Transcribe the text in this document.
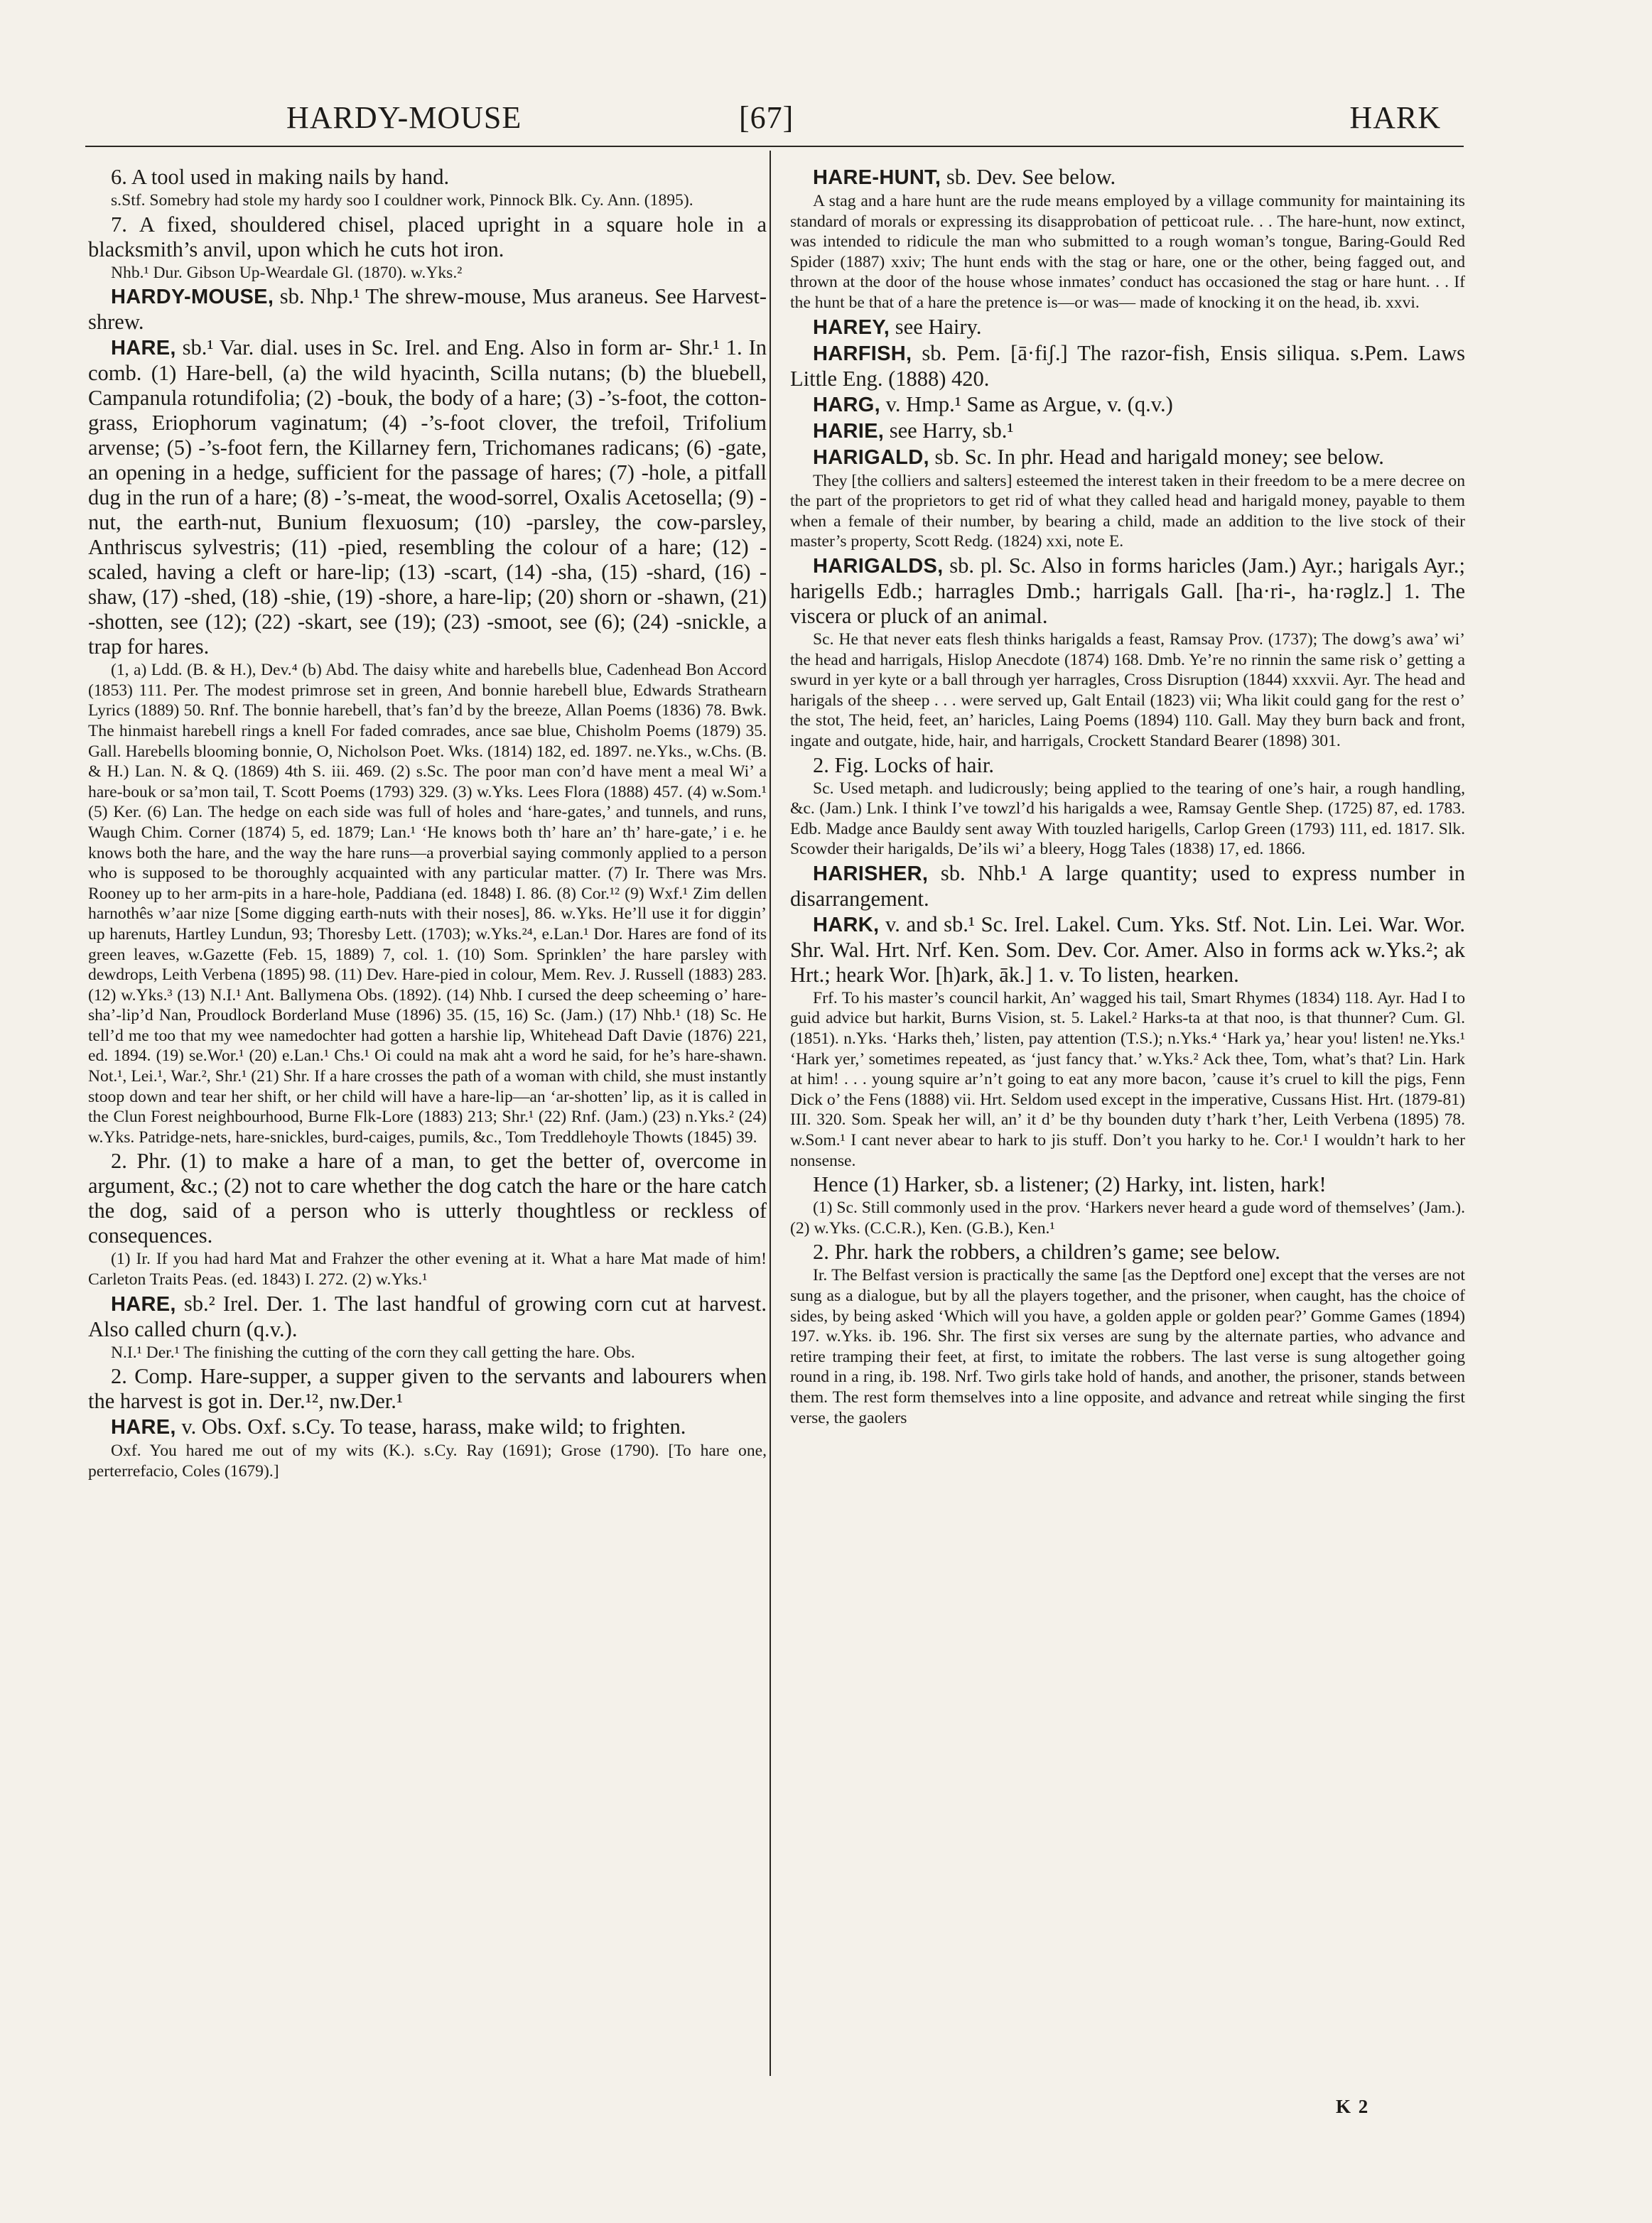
HARDY-MOUSE	[67]	HARK

6. A tool used in making nails by hand.

s.Stf. Somebry had stole my hardy soo I couldner work, Pinnock Blk. Cy. Ann. (1895).

7. A fixed, shouldered chisel, placed upright in a square hole in a blacksmith’s anvil, upon which he cuts hot iron.

Nhb.¹ Dur. Gibson Up-Weardale Gl. (1870). w.Yks.²

HARDY-MOUSE, sb. Nhp.¹ The shrew-mouse, Mus araneus. See Harvest-shrew.

HARE, sb.¹ Var. dial. uses in Sc. Irel. and Eng. Also in form ar- Shr.¹ 1. In comb. (1) Hare-bell, (a) the wild hyacinth, Scilla nutans; (b) the bluebell, Campanula rotundifolia; (2) -bouk, the body of a hare; (3) -’s-foot, the cotton-grass, Eriophorum vaginatum; (4) -’s-foot clover, the trefoil, Trifolium arvense; (5) -’s-foot fern, the Killarney fern, Trichomanes radicans; (6) -gate, an opening in a hedge, sufficient for the passage of hares; (7) -hole, a pitfall dug in the run of a hare; (8) -’s-meat, the wood-sorrel, Oxalis Acetosella; (9) -nut, the earth-nut, Bunium flexuosum; (10) -parsley, the cow-parsley, Anthriscus sylvestris; (11) -pied, resembling the colour of a hare; (12) -scaled, having a cleft or hare-lip; (13) -scart, (14) -sha, (15) -shard, (16) -shaw, (17) -shed, (18) -shie, (19) -shore, a hare-lip; (20) shorn or -shawn, (21) -shotten, see (12); (22) -skart, see (19); (23) -smoot, see (6); (24) -snickle, a trap for hares.

(1, a) Ldd. (B. & H.), Dev.⁴ (b) Abd. The daisy white and harebells blue, Cadenhead Bon Accord (1853) 111. Per. The modest primrose set in green, And bonnie harebell blue, Edwards Strathearn Lyrics (1889) 50. Rnf. The bonnie harebell, that’s fan’d by the breeze, Allan Poems (1836) 78. Bwk. The hinmaist harebell rings a knell For faded comrades, ance sae blue, Chisholm Poems (1879) 35. Gall. Harebells blooming bonnie, O, Nicholson Poet. Wks. (1814) 182, ed. 1897. ne.Yks., w.Chs. (B. & H.) Lan. N. & Q. (1869) 4th S. iii. 469. (2) s.Sc. The poor man con’d have ment a meal Wi’ a hare-bouk or sa’mon tail, T. Scott Poems (1793) 329. (3) w.Yks. Lees Flora (1888) 457. (4) w.Som.¹ (5) Ker. (6) Lan. The hedge on each side was full of holes and ‘hare-gates,’ and tunnels, and runs, Waugh Chim. Corner (1874) 5, ed. 1879; Lan.¹ ‘He knows both th’ hare an’ th’ hare-gate,’ i e. he knows both the hare, and the way the hare runs—a proverbial saying commonly applied to a person who is supposed to be thoroughly acquainted with any particular matter. (7) Ir. There was Mrs. Rooney up to her arm-pits in a hare-hole, Paddiana (ed. 1848) I. 86. (8) Cor.¹² (9) Wxf.¹ Zim dellen harnothês w’aar nize [Some digging earth-nuts with their noses], 86. w.Yks. He’ll use it for diggin’ up harenuts, Hartley Lundun, 93; Thoresby Lett. (1703); w.Yks.²⁴, e.Lan.¹ Dor. Hares are fond of its green leaves, w.Gazette (Feb. 15, 1889) 7, col. 1. (10) Som. Sprinklen’ the hare parsley with dewdrops, Leith Verbena (1895) 98. (11) Dev. Hare-pied in colour, Mem. Rev. J. Russell (1883) 283. (12) w.Yks.³ (13) N.I.¹ Ant. Ballymena Obs. (1892). (14) Nhb. I cursed the deep scheeming o’ hare-sha’-lip’d Nan, Proudlock Borderland Muse (1896) 35. (15, 16) Sc. (Jam.) (17) Nhb.¹ (18) Sc. He tell’d me too that my wee namedochter had gotten a harshie lip, Whitehead Daft Davie (1876) 221, ed. 1894. (19) se.Wor.¹ (20) e.Lan.¹ Chs.¹ Oi could na mak aht a word he said, for he’s hare-shawn. Not.¹, Lei.¹, War.², Shr.¹ (21) Shr. If a hare crosses the path of a woman with child, she must instantly stoop down and tear her shift, or her child will have a hare-lip—an ‘ar-shotten’ lip, as it is called in the Clun Forest neighbourhood, Burne Flk-Lore (1883) 213; Shr.¹ (22) Rnf. (Jam.) (23) n.Yks.² (24) w.Yks. Patridge-nets, hare-snickles, burd-caiges, pumils, &c., Tom Treddlehoyle Thowts (1845) 39.

2. Phr. (1) to make a hare of a man, to get the better of, overcome in argument, &c.; (2) not to care whether the dog catch the hare or the hare catch the dog, said of a person who is utterly thoughtless or reckless of consequences.

(1) Ir. If you had hard Mat and Frahzer the other evening at it. What a hare Mat made of him! Carleton Traits Peas. (ed. 1843) I. 272. (2) w.Yks.¹

HARE, sb.² Irel. Der. 1. The last handful of growing corn cut at harvest. Also called churn (q.v.).

N.I.¹ Der.¹ The finishing the cutting of the corn they call getting the hare. Obs.

2. Comp. Hare-supper, a supper given to the servants and labourers when the harvest is got in. Der.¹², nw.Der.¹

HARE, v. Obs. Oxf. s.Cy. To tease, harass, make wild; to frighten.

Oxf. You hared me out of my wits (K.). s.Cy. Ray (1691); Grose (1790). [To hare one, perterrefacio, Coles (1679).]

HARE-HUNT, sb. Dev. See below.

A stag and a hare hunt are the rude means employed by a village community for maintaining its standard of morals or expressing its disapprobation of petticoat rule. . . The hare-hunt, now extinct, was intended to ridicule the man who submitted to a rough woman’s tongue, Baring-Gould Red Spider (1887) xxiv; The hunt ends with the stag or hare, one or the other, being fagged out, and thrown at the door of the house whose inmates’ conduct has occasioned the stag or hare hunt. . . If the hunt be that of a hare the pretence is—or was— made of knocking it on the head, ib. xxvi.

HAREY, see Hairy.

HARFISH, sb. Pem. [ā·fiʃ.] The razor-fish, Ensis siliqua. s.Pem. Laws Little Eng. (1888) 420.

HARG, v. Hmp.¹ Same as Argue, v. (q.v.)

HARIE, see Harry, sb.¹

HARIGALD, sb. Sc. In phr. Head and harigald money; see below.

They [the colliers and salters] esteemed the interest taken in their freedom to be a mere decree on the part of the proprietors to get rid of what they called head and harigald money, payable to them when a female of their number, by bearing a child, made an addition to the live stock of their master’s property, Scott Redg. (1824) xxi, note E.

HARIGALDS, sb. pl. Sc. Also in forms haricles (Jam.) Ayr.; harigals Ayr.; harigells Edb.; harragles Dmb.; harrigals Gall. [ha·ri-, ha·rəglz.] 1. The viscera or pluck of an animal.

Sc. He that never eats flesh thinks harigalds a feast, Ramsay Prov. (1737); The dowg’s awa’ wi’ the head and harrigals, Hislop Anecdote (1874) 168. Dmb. Ye’re no rinnin the same risk o’ getting a swurd in yer kyte or a ball through yer harragles, Cross Disruption (1844) xxxvii. Ayr. The head and harigals of the sheep . . . were served up, Galt Entail (1823) vii; Wha likit could gang for the rest o’ the stot, The heid, feet, an’ haricles, Laing Poems (1894) 110. Gall. May they burn back and front, ingate and outgate, hide, hair, and harrigals, Crockett Standard Bearer (1898) 301.

2. Fig. Locks of hair.

Sc. Used metaph. and ludicrously; being applied to the tearing of one’s hair, a rough handling, &c. (Jam.) Lnk. I think I’ve towzl’d his harigalds a wee, Ramsay Gentle Shep. (1725) 87, ed. 1783. Edb. Madge ance Bauldy sent away With touzled harigells, Carlop Green (1793) 111, ed. 1817. Slk. Scowder their harigalds, De’ils wi’ a bleery, Hogg Tales (1838) 17, ed. 1866.

HARISHER, sb. Nhb.¹ A large quantity; used to express number in disarrangement.

HARK, v. and sb.¹ Sc. Irel. Lakel. Cum. Yks. Stf. Not. Lin. Lei. War. Wor. Shr. Wal. Hrt. Nrf. Ken. Som. Dev. Cor. Amer. Also in forms ack w.Yks.²; ak Hrt.; heark Wor. [h)ark, āk.] 1. v. To listen, hearken.

Frf. To his master’s council harkit, An’ wagged his tail, Smart Rhymes (1834) 118. Ayr. Had I to guid advice but harkit, Burns Vision, st. 5. Lakel.² Harks-ta at that noo, is that thunner? Cum. Gl. (1851). n.Yks. ‘Harks theh,’ listen, pay attention (T.S.); n.Yks.⁴ ‘Hark ya,’ hear you! listen! ne.Yks.¹ ‘Hark yer,’ sometimes repeated, as ‘just fancy that.’ w.Yks.² Ack thee, Tom, what’s that? Lin. Hark at him! . . . young squire ar’n’t going to eat any more bacon, ’cause it’s cruel to kill the pigs, Fenn Dick o’ the Fens (1888) vii. Hrt. Seldom used except in the imperative, Cussans Hist. Hrt. (1879-81) III. 320. Som. Speak her will, an’ it d’ be thy bounden duty t’hark t’her, Leith Verbena (1895) 78. w.Som.¹ I cant never abear to hark to jis stuff. Don’t you harky to he. Cor.¹ I wouldn’t hark to her nonsense.

Hence (1) Harker, sb. a listener; (2) Harky, int. listen, hark!

(1) Sc. Still commonly used in the prov. ‘Harkers never heard a gude word of themselves’ (Jam.). (2) w.Yks. (C.C.R.), Ken. (G.B.), Ken.¹

2. Phr. hark the robbers, a children’s game; see below.

Ir. The Belfast version is practically the same [as the Deptford one] except that the verses are not sung as a dialogue, but by all the players together, and the prisoner, when caught, has the choice of sides, by being asked ‘Which will you have, a golden apple or golden pear?’ Gomme Games (1894) 197. w.Yks. ib. 196. Shr. The first six verses are sung by the alternate parties, who advance and retire tramping their feet, at first, to imitate the robbers. The last verse is sung altogether going round in a ring, ib. 198. Nrf. Two girls take hold of hands, and another, the prisoner, stands between them. The rest form themselves into a line opposite, and advance and retreat while singing the first verse, the gaolers

K 2
